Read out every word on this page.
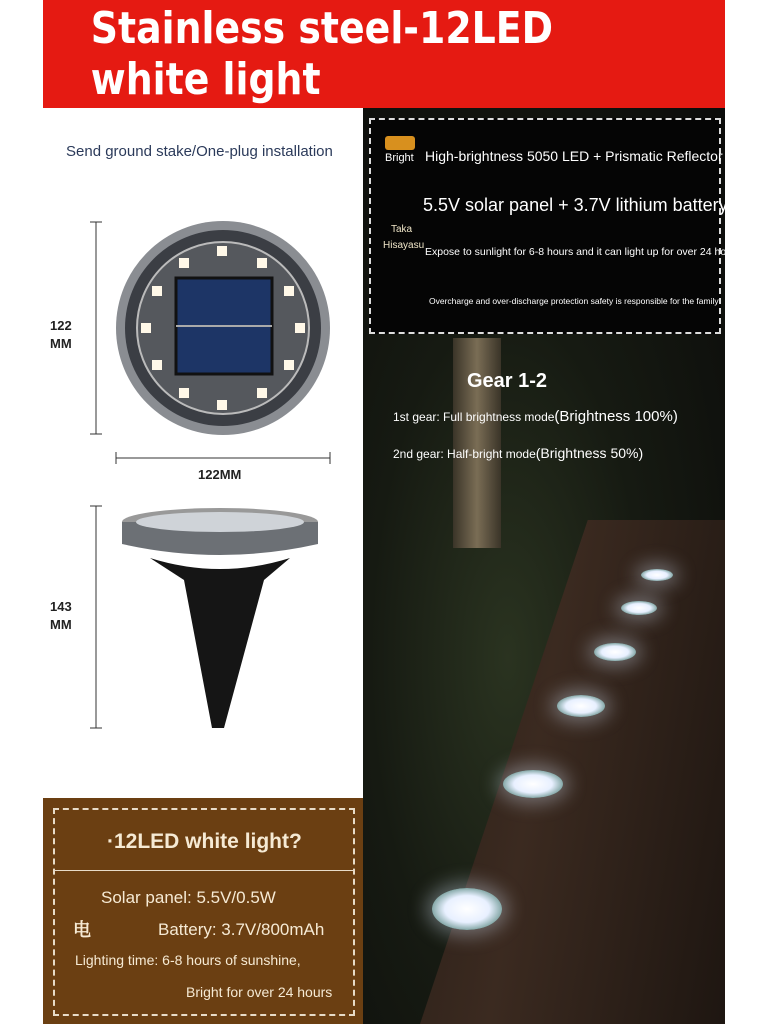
Stainless steel-12LED white light
Send ground stake/One-plug installation
122
MM
122MM
143
MM
Bright High-brightness 5050 LED + Prismatic Reflector
5.5V solar panel + 3.7V lithium battery
Taka
Hisayasu
Expose to sunlight for 6-8 hours and it can light up for over 24 hours
Overcharge and over-discharge protection safety is responsible for the family
Gear 1-2
1st gear: Full brightness mode(Brightness 100%)
2nd gear: Half-bright mode(Brightness 50%)
·12LED white light?
Solar panel: 5.5V/0.5W
电	Battery: 3.7V/800mAh
Lighting time: 6-8 hours of sunshine,
Bright for over 24 hours
